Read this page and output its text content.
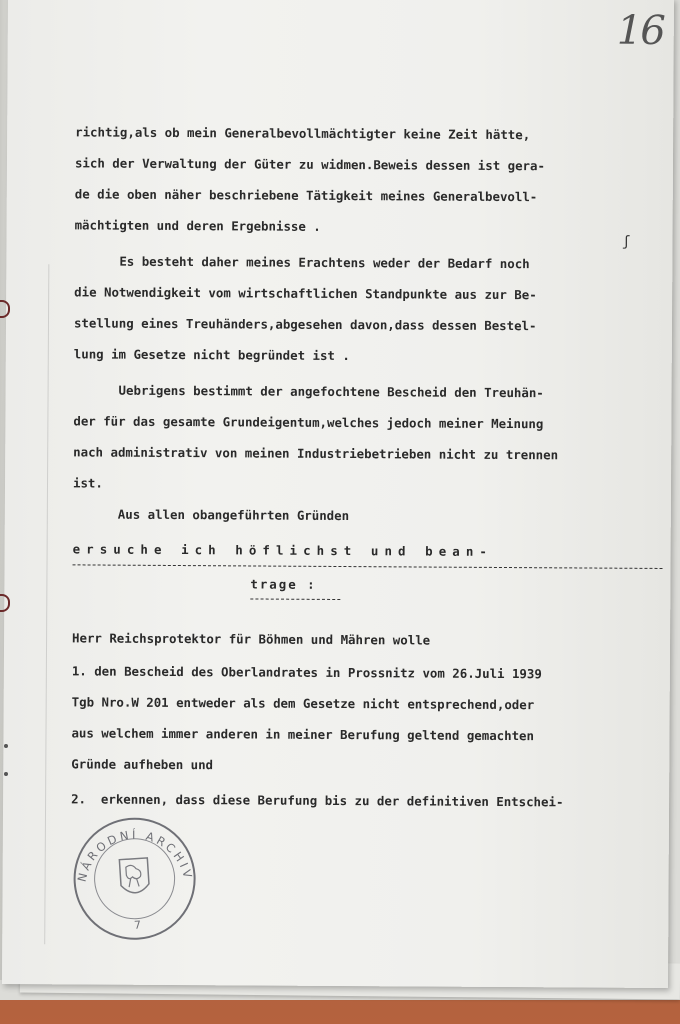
16
ʃ
richtig,als ob mein Generalbevollmächtigter keine Zeit hätte,
sich der Verwaltung der Güter zu widmen.Beweis dessen ist gera-
de die oben näher beschriebene Tätigkeit meines Generalbevoll-
mächtigten und deren Ergebnisse .
Es besteht daher meines Erachtens weder der Bedarf noch
die Notwendigkeit vom wirtschaftlichen Standpunkte aus zur Be-
stellung eines Treuhänders,abgesehen davon,dass dessen Bestel-
lung im Gesetze nicht begründet ist .
Uebrigens bestimmt der angefochtene Bescheid den Treuhän-
der für das gesamte Grundeigentum,welches jedoch meiner Meinung
nach administrativ von meinen Industriebetrieben nicht zu trennen
ist.
Aus allen obangeführten Gründen
ersuche ich höflichst und bean-
trage :
Herr Reichsprotektor für Böhmen und Mähren wolle
1. den Bescheid des Oberlandrates in Prossnitz vom 26.Juli 1939
Tgb Nro.W 201 entweder als dem Gesetze nicht entsprechend,oder
aus welchem immer anderen in meiner Berufung geltend gemachten
Gründe aufheben und
2.  erkennen, dass diese Berufung bis zu der definitiven Entschei-
NÁRODNÍ ARCHIV
7
